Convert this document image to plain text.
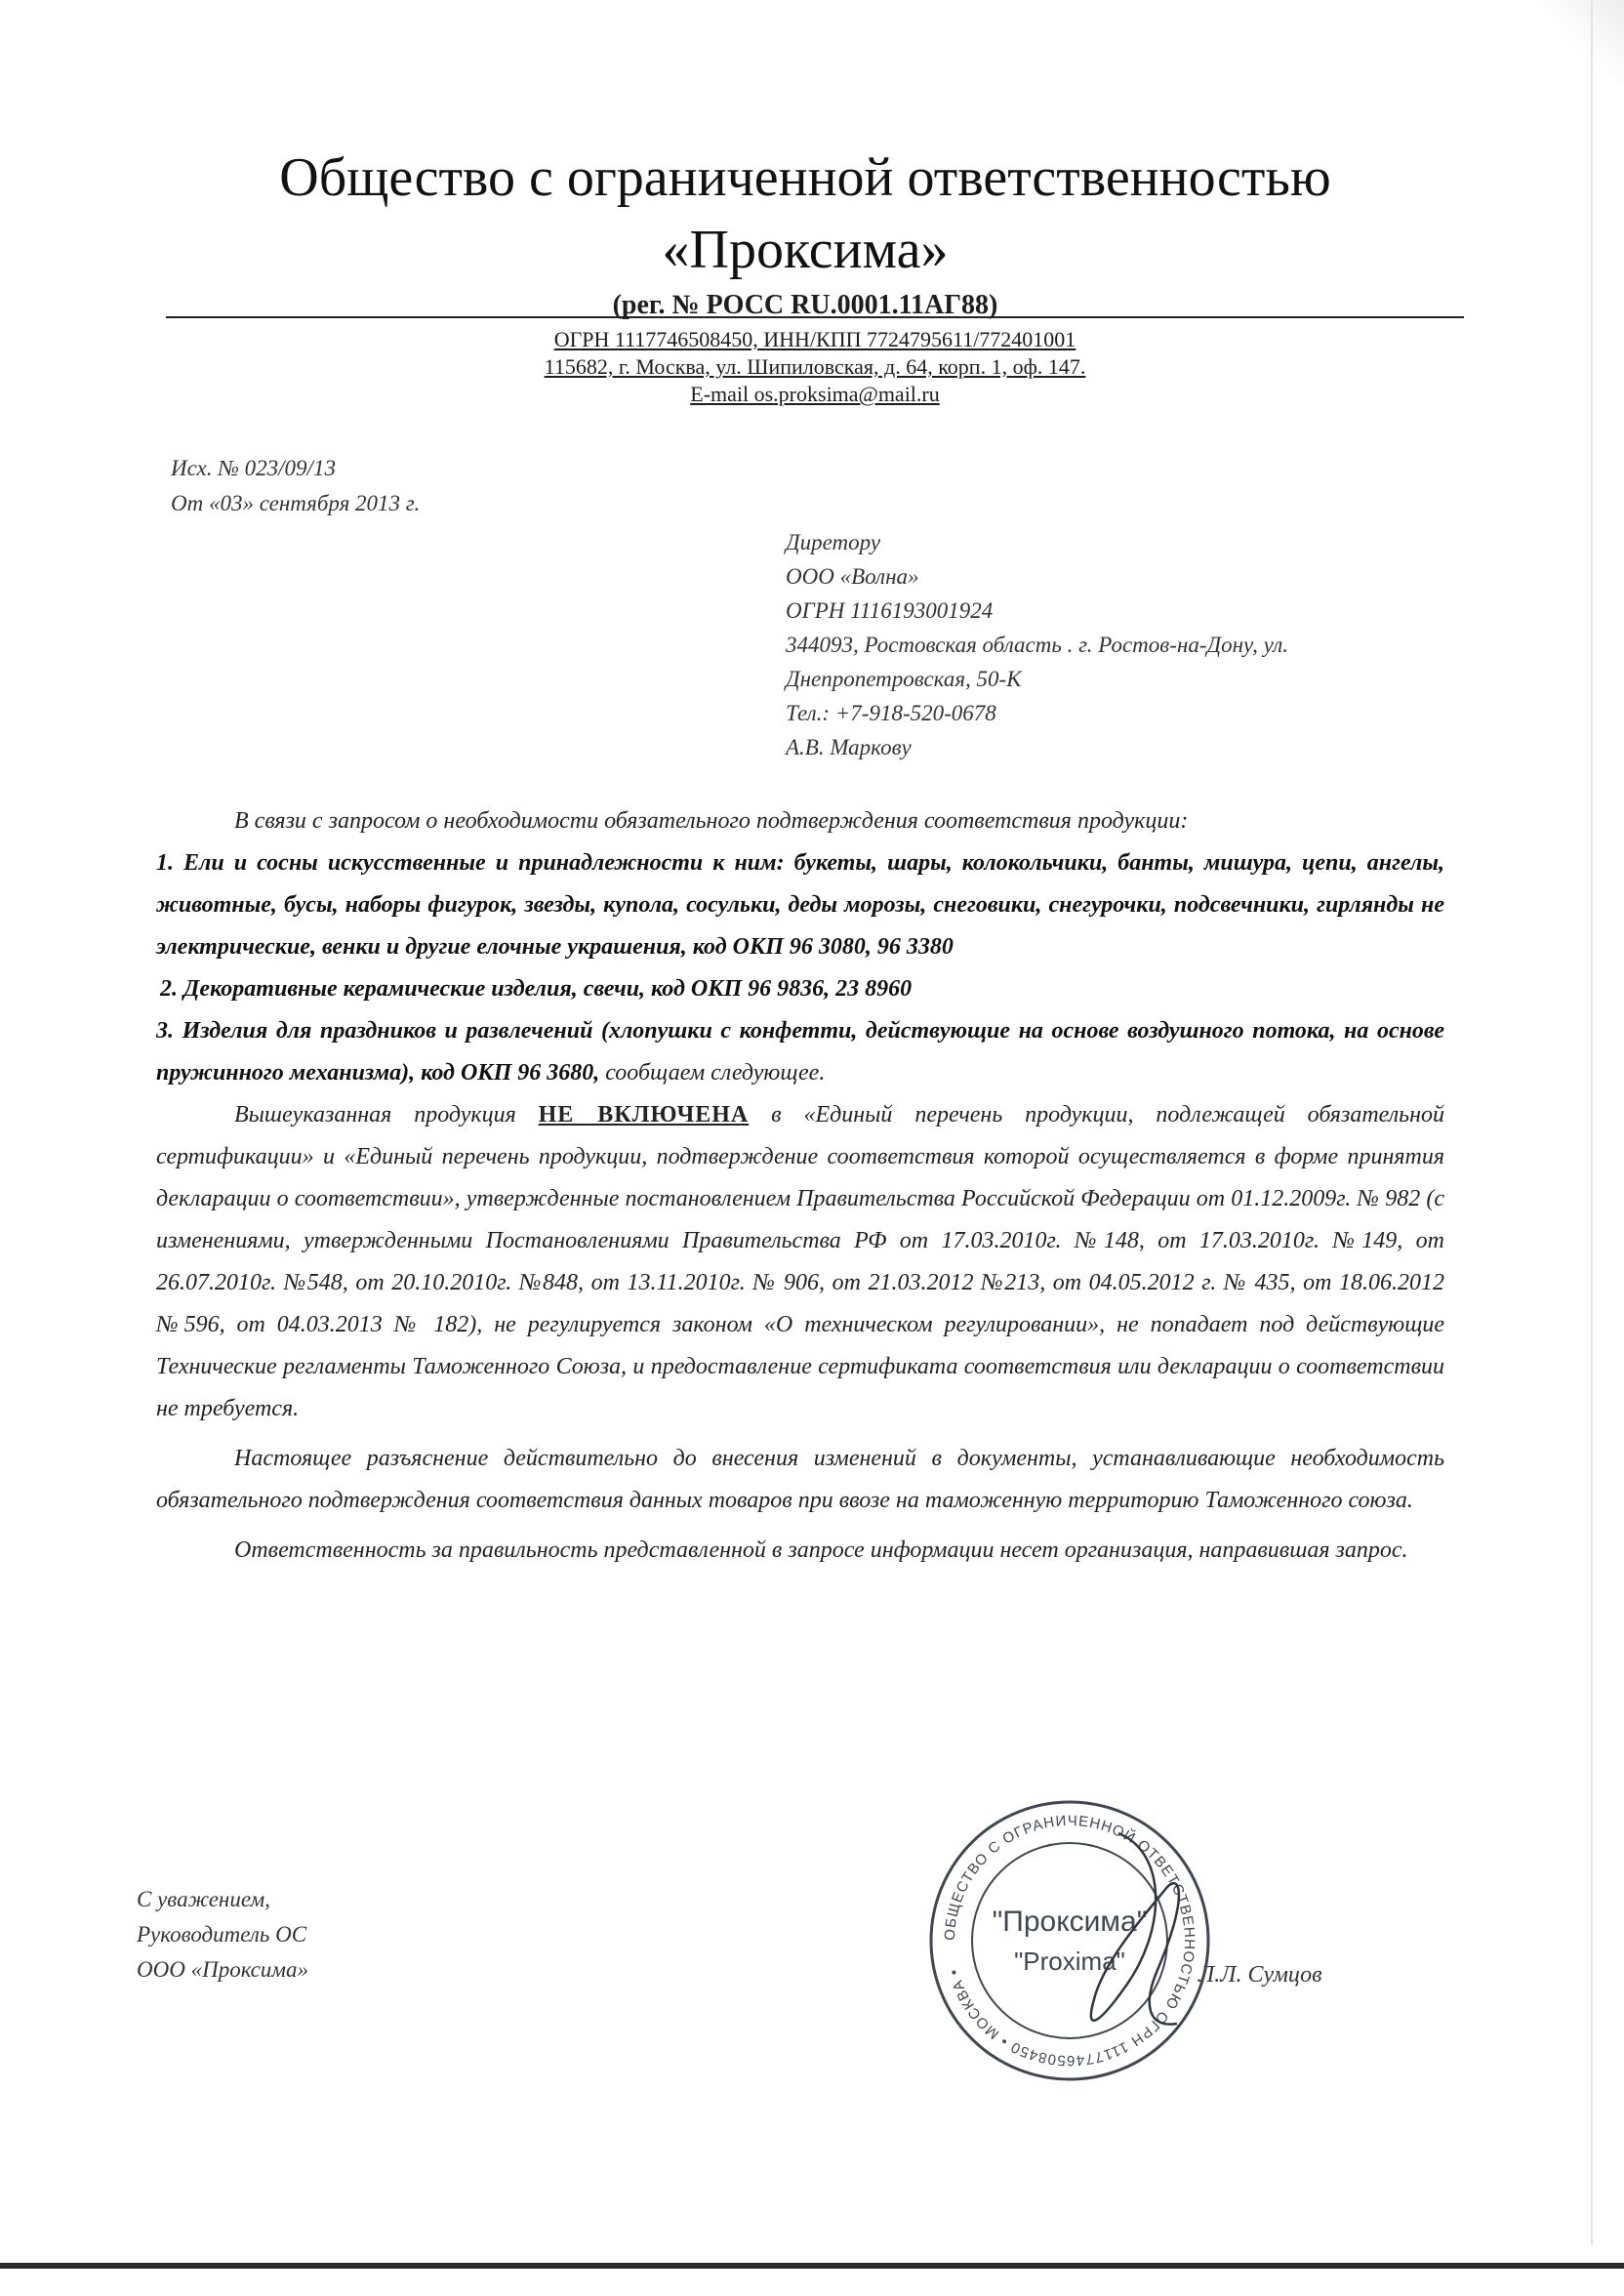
Общество с ограниченной ответственностью
«Проксима»
(рег. № РОСС RU.0001.11АГ88)
ОГРН 1117746508450, ИНН/КПП 7724795611/772401001
115682, г. Москва, ул. Шипиловская, д. 64, корп. 1, оф. 147.
E-mail os.proksima@mail.ru
Исх. № 023/09/13
От «03» сентября 2013 г.
Диретору
ООО «Волна»
ОГРН 1116193001924
344093, Ростовская область . г. Ростов-на-Дону, ул.
Днепропетровская, 50-К
Тел.: +7-918-520-0678
А.В. Маркову

В связи с запросом о необходимости обязательного подтверждения соответствия продукции:

1. Ели и сосны искусственные и принадлежности к ним: букеты, шары, колокольчики, банты, мишура, цепи, ангелы, животные, бусы, наборы фигурок, звезды, купола, сосульки, деды морозы, снеговики, снегурочки, подсвечники, гирлянды не электрические, венки и другие елочные украшения, код ОКП 96 3080, 96 3380

2. Декоративные керамические изделия, свечи, код ОКП 96 9836, 23 8960

3. Изделия для праздников и развлечений (хлопушки с конфетти, действующие на основе воздушного потока, на основе пружинного механизма), код ОКП 96 3680, сообщаем следующее.

Вышеуказанная продукция НЕ ВКЛЮЧЕНА в «Единый перечень продукции, подлежащей обязательной сертификации» и «Единый перечень продукции, подтверждение соответствия которой осуществляется в форме принятия декларации о соответствии», утвержденные постановлением Правительства Российской Федерации от 01.12.2009г. № 982 (с изменениями, утвержденными Постановлениями Правительства РФ от 17.03.2010г. №148, от 17.03.2010г. №149, от 26.07.2010г. №548, от 20.10.2010г. №848, от 13.11.2010г. № 906, от 21.03.2012 №213, от 04.05.2012 г. № 435, от 18.06.2012 №596, от 04.03.2013 № 182), не регулируется законом «О техническом регулировании», не попадает под действующие Технические регламенты Таможенного Союза, и предоставление сертификата соответствия или декларации о соответствии не требуется.

Настоящее разъяснение действительно до внесения изменений в документы, устанавливающие необходимость обязательного подтверждения соответствия данных товаров при ввозе на таможенную территорию Таможенного союза.

Ответственность за правильность представленной в запросе информации несет организация, направившая запрос.

С уважением,
Руководитель ОС
ООО «Проксима»	Л.Л. Сумцов
ОБЩЕСТВО С ОГРАНИЧЕННОЙ ОТВЕТСТВЕННОСТЬЮ ОГРН 1117746508450 • МОСКВА •
"Проксима"
"Proxima"
